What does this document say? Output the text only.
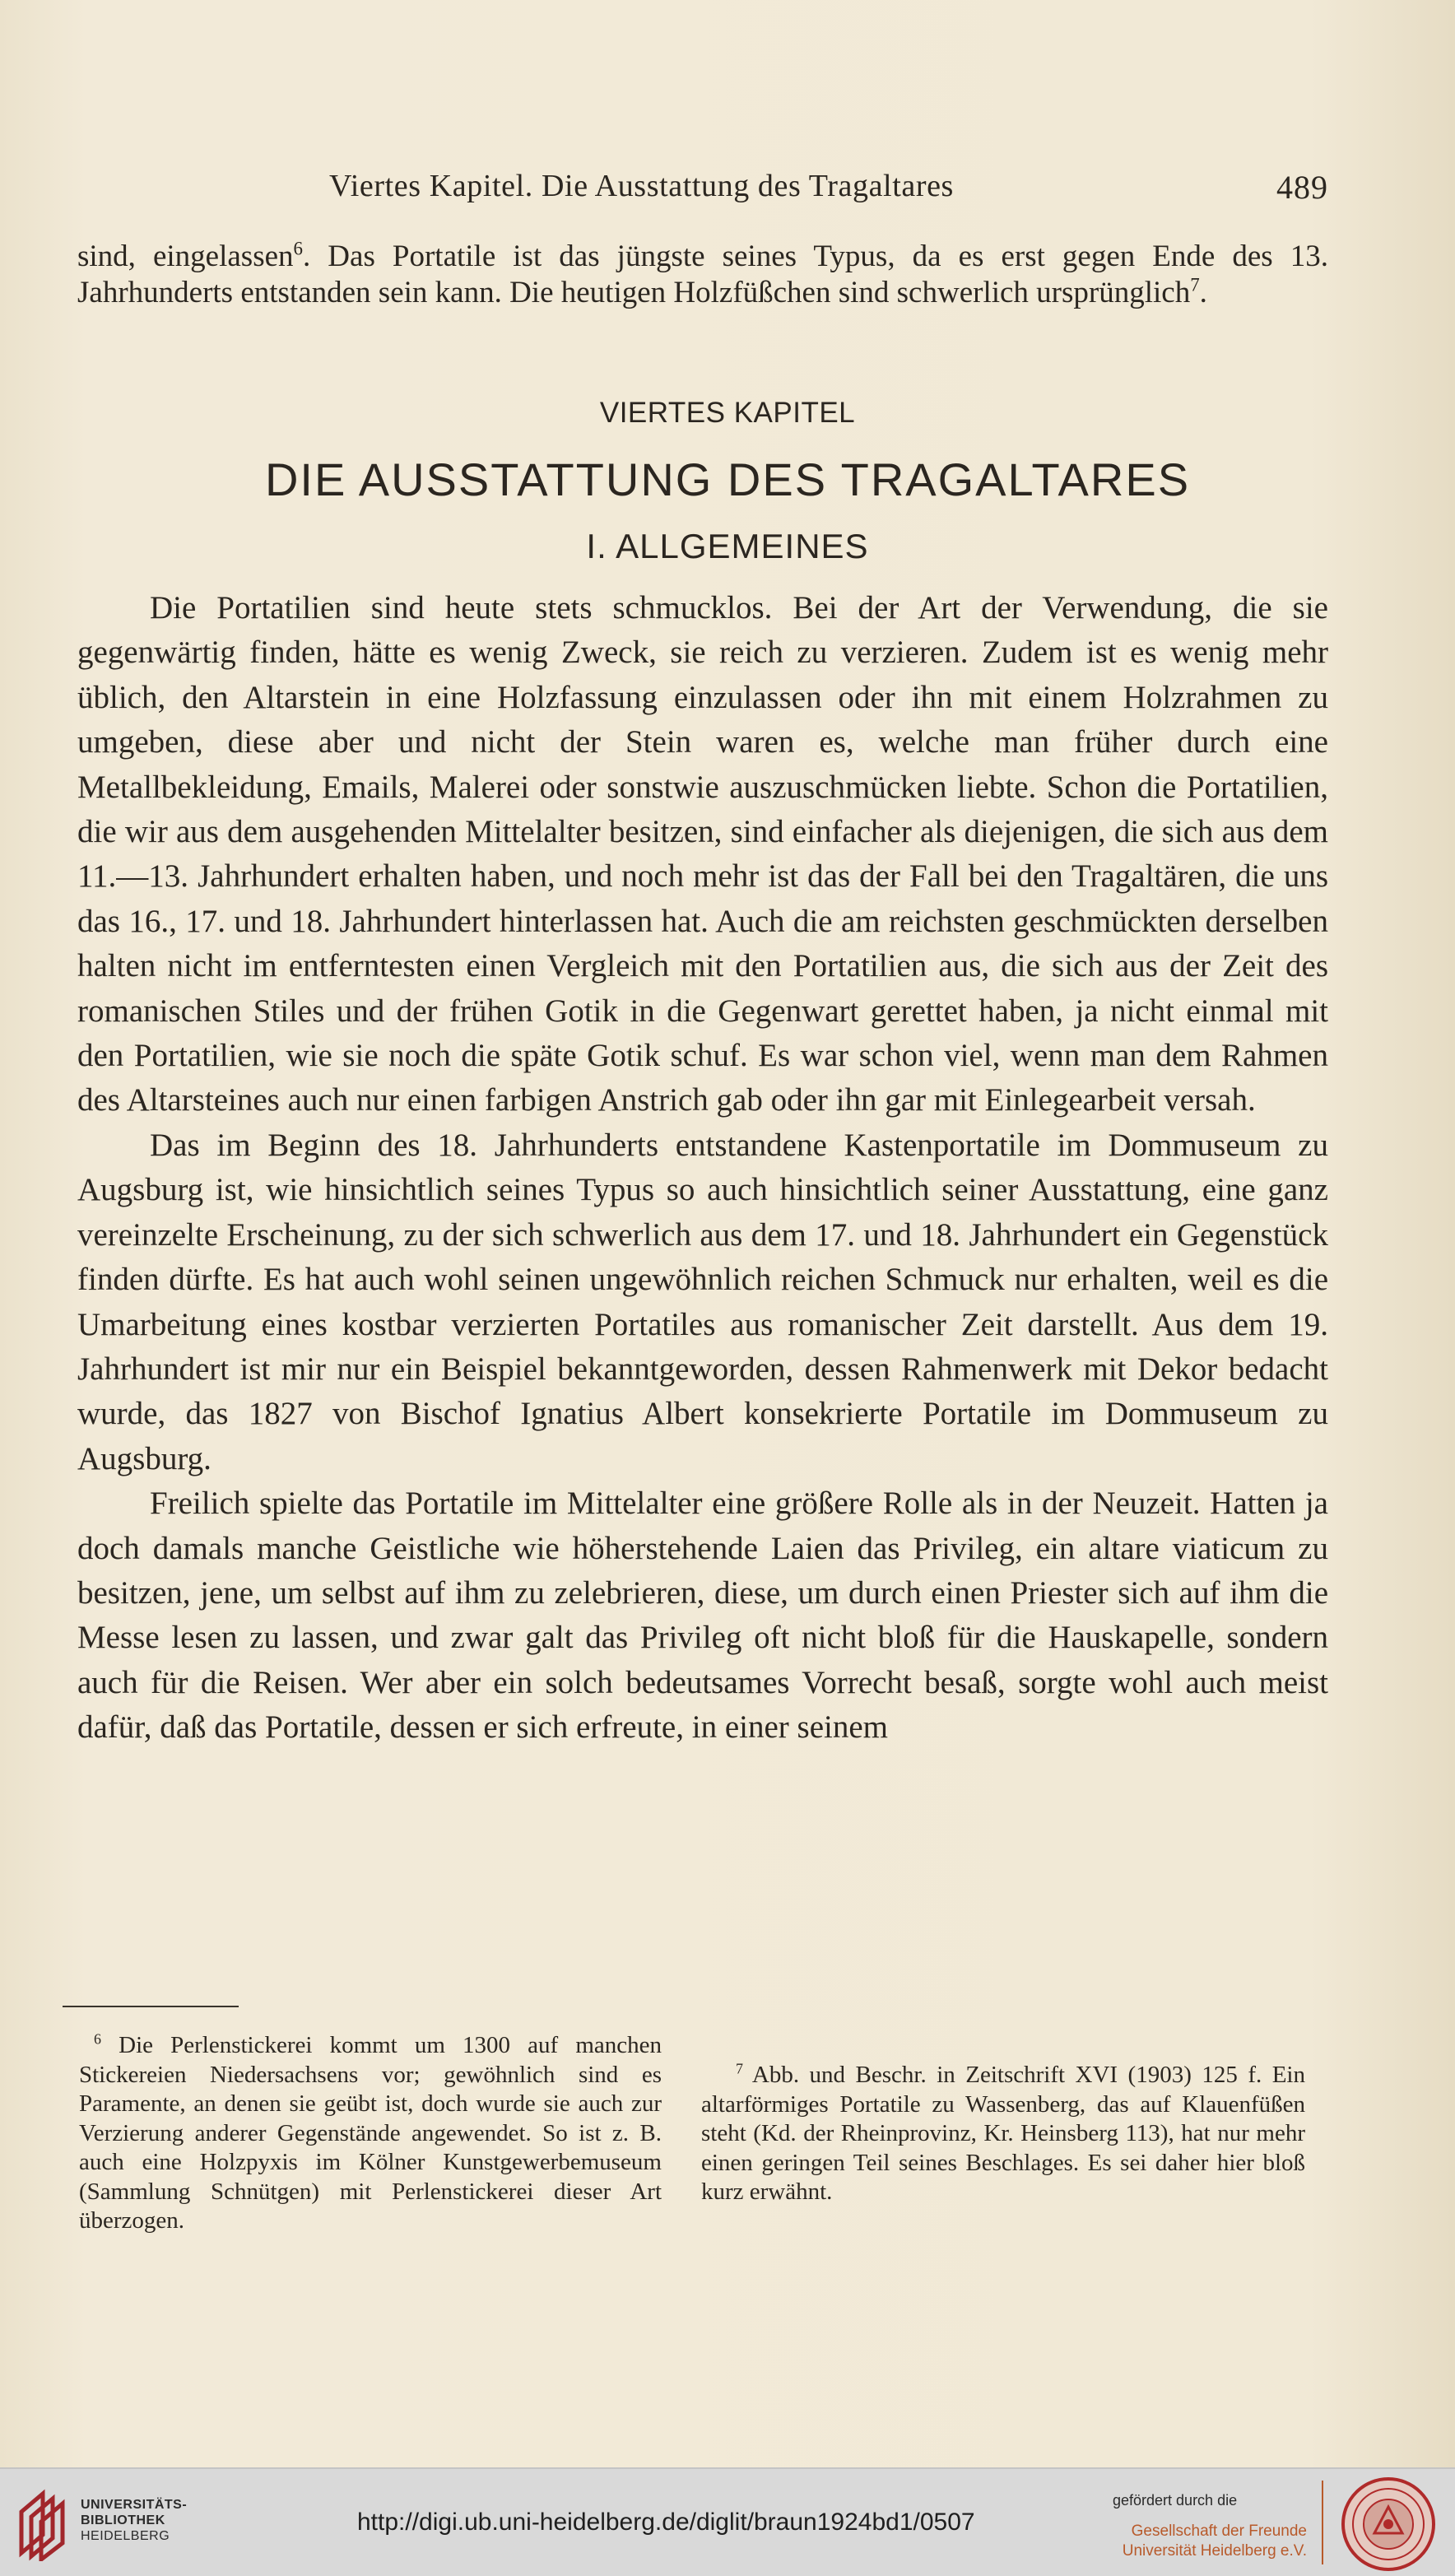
Viertes Kapitel. Die Ausstattung des Tragaltares	489
sind, eingelassen$^6$. Das Portatile ist das jüngste seines Typus, da es erst gegen Ende des 13. Jahrhunderts entstanden sein kann. Die heutigen Holzfüßchen sind schwerlich ursprünglich$^7$.
VIERTES KAPITEL
DIE AUSSTATTUNG DES TRAGALTARES
I. ALLGEMEINES

Die Portatilien sind heute stets schmucklos. Bei der Art der Verwendung, die sie gegenwärtig finden, hätte es wenig Zweck, sie reich zu verzieren. Zudem ist es wenig mehr üblich, den Altarstein in eine Holzfassung einzulassen oder ihn mit einem Holzrahmen zu umgeben, diese aber und nicht der Stein waren es, welche man früher durch eine Metallbekleidung, Emails, Malerei oder sonstwie auszuschmücken liebte. Schon die Portatilien, die wir aus dem ausgehenden Mittelalter besitzen, sind einfacher als diejenigen, die sich aus dem 11.—13. Jahrhundert erhalten haben, und noch mehr ist das der Fall bei den Tragaltären, die uns das 16., 17. und 18. Jahrhundert hinterlassen hat. Auch die am reichsten geschmückten derselben halten nicht im entferntesten einen Vergleich mit den Portatilien aus, die sich aus der Zeit des romanischen Stiles und der frühen Gotik in die Gegenwart gerettet haben, ja nicht einmal mit den Portatilien, wie sie noch die späte Gotik schuf. Es war schon viel, wenn man dem Rahmen des Altarsteines auch nur einen farbigen Anstrich gab oder ihn gar mit Einlegearbeit versah.

Das im Beginn des 18. Jahrhunderts entstandene Kastenportatile im Dommuseum zu Augsburg ist, wie hinsichtlich seines Typus so auch hinsichtlich seiner Ausstattung, eine ganz vereinzelte Erscheinung, zu der sich schwerlich aus dem 17. und 18. Jahrhundert ein Gegenstück finden dürfte. Es hat auch wohl seinen ungewöhnlich reichen Schmuck nur erhalten, weil es die Umarbeitung eines kostbar verzierten Portatiles aus romanischer Zeit darstellt. Aus dem 19. Jahrhundert ist mir nur ein Beispiel bekanntgeworden, dessen Rahmenwerk mit Dekor bedacht wurde, das 1827 von Bischof Ignatius Albert konsekrierte Portatile im Dommuseum zu Augsburg.

Freilich spielte das Portatile im Mittelalter eine größere Rolle als in der Neuzeit. Hatten ja doch damals manche Geistliche wie höherstehende Laien das Privileg, ein altare viaticum zu besitzen, jene, um selbst auf ihm zu zelebrieren, diese, um durch einen Priester sich auf ihm die Messe lesen zu lassen, und zwar galt das Privileg oft nicht bloß für die Hauskapelle, sondern auch für die Reisen. Wer aber ein solch bedeutsames Vorrecht besaß, sorgte wohl auch meist dafür, daß das Portatile, dessen er sich erfreute, in einer seinem

$^6$ Die Perlenstickerei kommt um 1300 auf manchen Stickereien Niedersachsens vor; gewöhnlich sind es Paramente, an denen sie geübt ist, doch wurde sie auch zur Verzierung anderer Gegenstände angewendet. So ist z. B. auch eine Holzpyxis im Kölner Kunstgewerbemuseum (Sammlung Schnütgen) mit Perlenstickerei dieser Art überzogen.
$^7$ Abb. und Beschr. in Zeitschrift XVI (1903) 125 f. Ein altarförmiges Portatile zu Wassenberg, das auf Klauenfüßen steht (Kd. der Rheinprovinz, Kr. Heinsberg 113), hat nur mehr einen geringen Teil seines Beschlages. Es sei daher hier bloß kurz erwähnt.
UNIVERSITÄTS-
BIBLIOTHEK
HEIDELBERG
http://digi.ub.uni-heidelberg.de/diglit/braun1924bd1/0507
gefördert durch die
Gesellschaft der Freunde
Universität Heidelberg e.V.
